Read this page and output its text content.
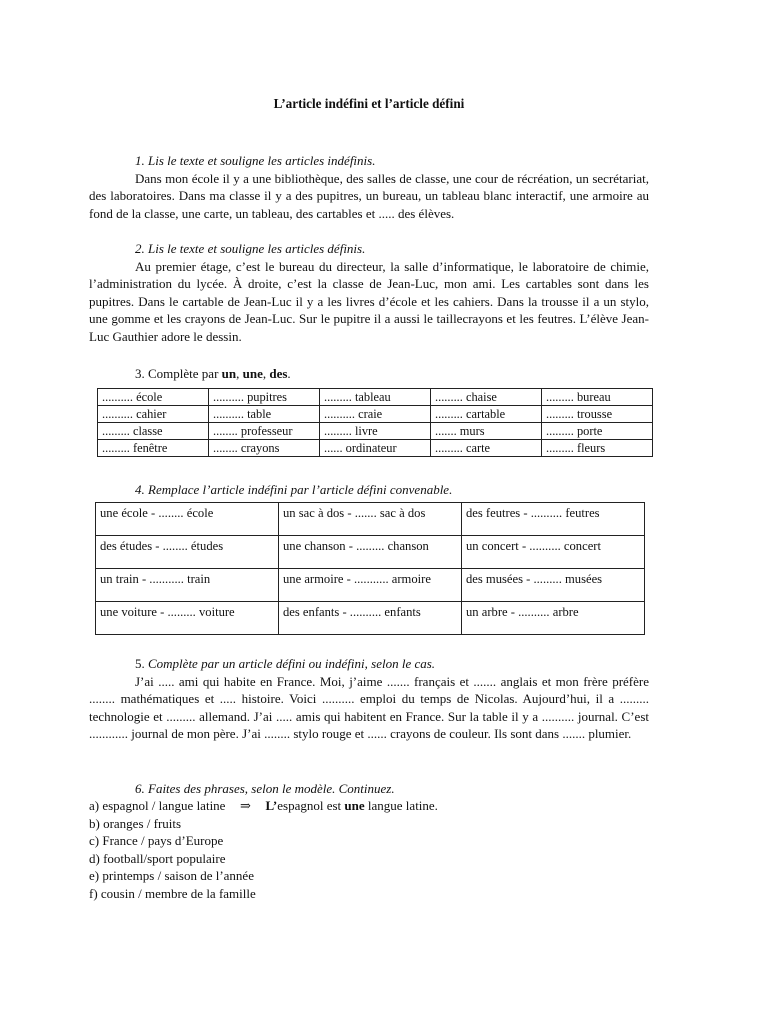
L’article indéfini et l’article défini
1. Lis le texte et souligne les articles indéfinis.

Dans mon école il y a une bibliothèque, des salles de classe, une cour de récréation, un secrétariat, des laboratoires. Dans ma classe il y a des pupitres, un bureau, un tableau blanc interactif, une armoire au fond de la classe, une carte, un tableau, des cartables et ..... des élèves.

2. Lis le texte et souligne les articles définis.

Au premier étage, c’est le bureau du directeur, la salle d’informatique, le laboratoire de chimie, l’administration du lycée. À droite, c’est la classe de Jean-Luc, mon ami. Les cartables sont dans les pupitres. Dans le cartable de Jean-Luc il y a les livres d’école et les cahiers. Dans la trousse il a un stylo, une gomme et les crayons de Jean-Luc. Sur le pupitre il a aussi le taillecrayons et les feutres. L’élève Jean-Luc Gauthier adore le dessin.

3. Complète par un, une, des.
.......... école	.......... pupitres	......... tableau	......... chaise	......... bureau
.......... cahier	.......... table	.......... craie	......... cartable	......... trousse
......... classe	........ professeur	......... livre	....... murs	......... porte
......... fenêtre	........ crayons	...... ordinateur	......... carte	......... fleurs
4. Remplace l’article indéfini par l’article défini convenable.
une école - ........ école	un sac à dos - ....... sac à dos	des feutres - .......... feutres
des études - ........ études	une chanson - ......... chanson	un concert - .......... concert
un train - ........... train	une armoire - ........... armoire	des musées - ......... musées
une voiture - ......... voiture	des enfants - .......... enfants	un arbre - .......... arbre
5. Complète par un article défini ou indéfini, selon le cas.

J’ai ..... ami qui habite en France. Moi, j’aime ....... français et ....... anglais et mon frère préfère ........ mathématiques et ..... histoire. Voici .......... emploi du temps de Nicolas. Aujourd’hui, il a ......... technologie et ......... allemand. J’ai ..... amis qui habitent en France. Sur la table il y a .......... journal. C’est ............ journal de mon père. J’ai ........ stylo rouge et ...... crayons de couleur. Ils sont dans ....... plumier.

6. Faites des phrases, selon le modèle. Continuez.
a) espagnol / langue latine ⇒ L’espagnol est une langue latine.
b) oranges / fruits
c) France / pays d’Europe
d) football/sport populaire
e) printemps / saison de l’année
f) cousin / membre de la famille
